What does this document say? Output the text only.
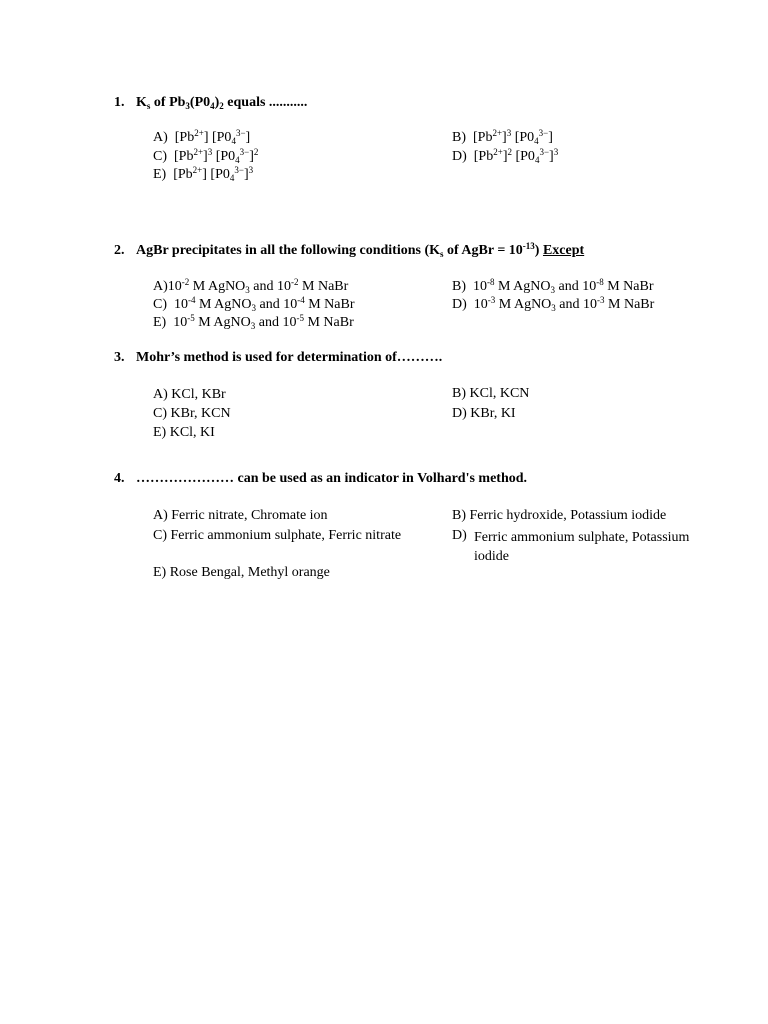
1. $K_s$ of $Pb_3(P0_4)_2$ equals ...........
A)  $[Pb^{2+}]$ $[P0_4^{3-}]$	B)  $[Pb^{2+}]^3$ $[P0_4^{3-}]$
C)  $[Pb^{2+}]^3$ $[P0_4^{3-}]^2$	D)  $[Pb^{2+}]^2$ $[P0_4^{3-}]^3$
E)  $[Pb^{2+}]$ $[P0_4^{3-}]^3$
2. AgBr precipitates in all the following conditions ($K_s$ of AgBr = $10^{-13}$) Except
$A)10^{-2}$ M AgNO$_3$ and $10^{-2}$ M NaBr	B)  $10^{-8}$ M AgNO$_3$ and $10^{-8}$ M NaBr
C)  $10^{-4}$ M AgNO$_3$ and $10^{-4}$ M NaBr	D)  $10^{-3}$ M AgNO$_3$ and $10^{-3}$ M NaBr
E)  $10^{-5}$ M AgNO$_3$ and $10^{-5}$ M NaBr
3. Mohr’s method is used for determination of……….
A) KCl, KBr	B) KCl, KCN
C) KBr, KCN	D) KBr, KI
E) KCl, KI
4. ………………… can be used as an indicator in Volhard's method.
A) Ferric nitrate, Chromate ion	B) Ferric hydroxide, Potassium iodide
C) Ferric ammonium sulphate, Ferric nitrate	D) Ferric ammonium sulphate, Potassium iodide
E) Rose Bengal, Methyl orange
